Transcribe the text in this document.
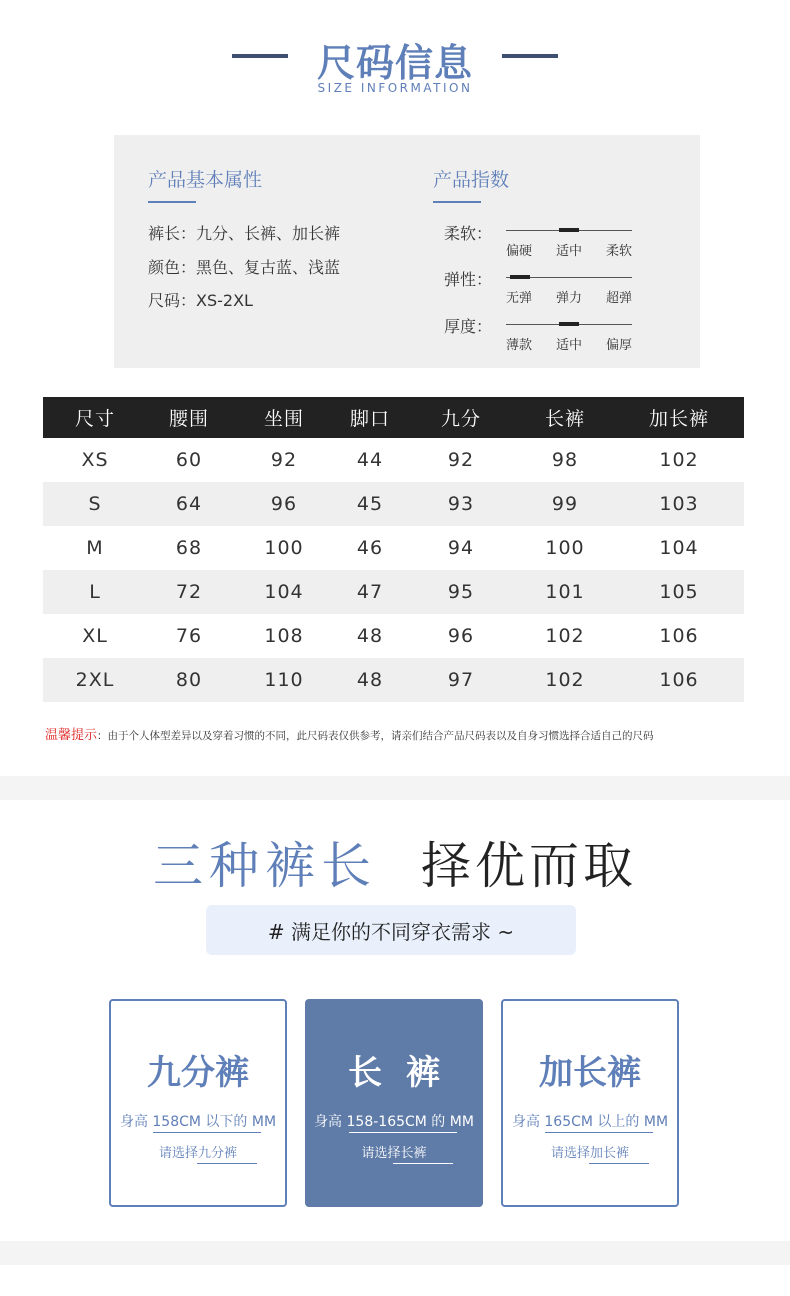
尺码信息
SIZE INFORMATION
产品基本属性
裤长：九分、长裤、加长裤
颜色：黑色、复古蓝、浅蓝
尺码：XS-2XL
产品指数
柔软：
偏硬 适中 柔软
弹性：
无弹 弹力 超弹
厚度：
薄款 适中 偏厚
尺寸	腰围	坐围	脚口	九分	长裤	加长裤
XS	60	92	44	92	98	102
S	64	96	45	93	99	103
M	68	100	46	94	100	104
L	72	104	47	95	101	105
XL	76	108	48	96	102	106
2XL	80	110	48	97	102	106
温馨提示：由于个人体型差异以及穿着习惯的不同，此尺码表仅供参考，请亲们结合产品尺码表以及自身习惯选择合适自己的尺码
三种裤长 择优而取
# 满足你的不同穿衣需求 ~
九分裤
身高 158CM 以下的 MM
请选择九分裤
长裤
身高 158-165CM 的 MM
请选择长裤
加长裤
身高 165CM 以上的 MM
请选择加长裤
